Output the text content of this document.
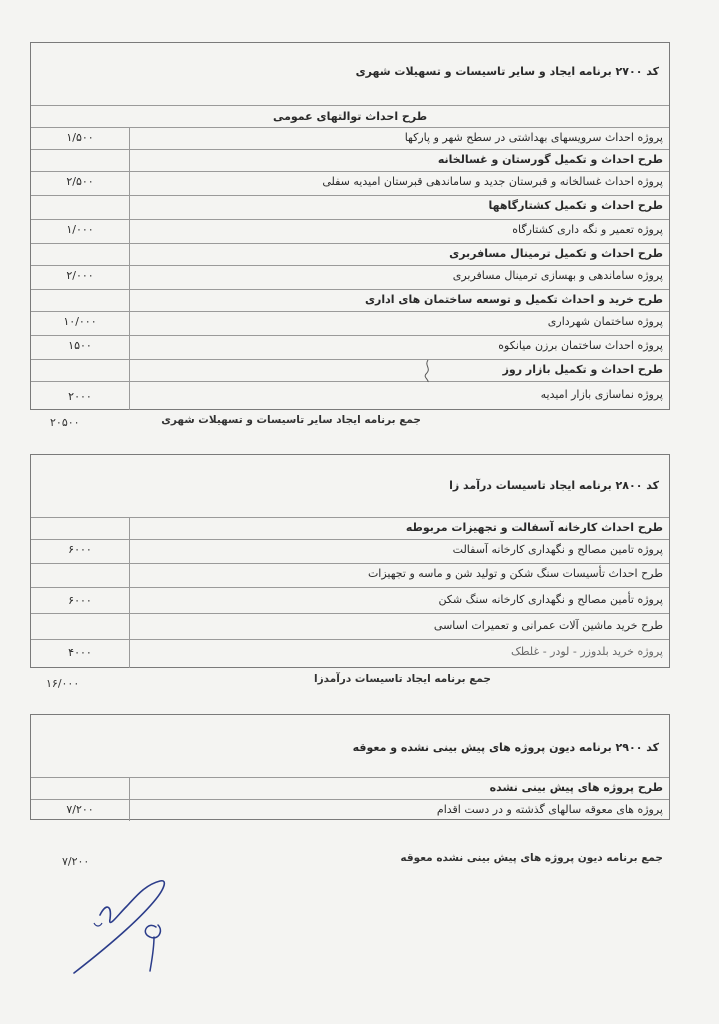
کد ۲۷۰۰ برنامه ایجاد و سایر تاسیسات و تسهیلات شهری
طرح احداث توالتهای عمومی
۱/۵۰۰	پروژه احداث سرویسهای بهداشتی در سطح شهر و پارکها
طرح احداث و تکمیل گورستان و غسالخانه
۲/۵۰۰	پروژه احداث غسالخانه و قبرستان جدید و ساماندهی قبرستان امیدیه سفلی
طرح احداث و تکمیل کشتارگاهها
۱/۰۰۰	پروژه تعمیر و نگه داری کشتارگاه
طرح احداث و تکمیل ترمینال مسافربری
۲/۰۰۰	پروژه ساماندهی و بهسازی ترمینال مسافربری
طرح خرید و احداث تکمیل و توسعه ساختمان های اداری
۱۰/۰۰۰	پروژه ساختمان شهرداری
۱۵۰۰	پروژه احداث ساختمان برزن میانکوه
طرح احداث و تکمیل بازار روز
۲۰۰۰	پروژه نماسازی بازار امیدیه
جمع برنامه ایجاد سایر تاسیسات و تسهیلات شهری
۲۰۵۰۰
کد ۲۸۰۰ برنامه ایجاد تاسیسات درآمد زا
طرح احداث کارخانه آسفالت و تجهیزات مربوطه
۶۰۰۰	پروژه تامین مصالح و نگهداری کارخانه آسفالت
طرح احداث تأسیسات سنگ شکن و تولید شن و ماسه و تجهیزات
۶۰۰۰	پروژه تأمین مصالح و نگهداری کارخانه سنگ شکن
طرح خرید ماشین آلات عمرانی و تعمیرات اساسی
۴۰۰۰	پروژه خرید بلدوزر - لودر - غلطک
جمع برنامه ایجاد تاسیسات درآمدزا
۱۶/۰۰۰
کد ۲۹۰۰ برنامه دیون پروژه های پیش بینی نشده و معوقه
طرح پروژه های پیش بینی نشده
۷/۲۰۰	پروژه های معوقه سالهای گذشته و در دست اقدام
جمع برنامه دیون پروژه های پیش بینی نشده معوقه
۷/۲۰۰
